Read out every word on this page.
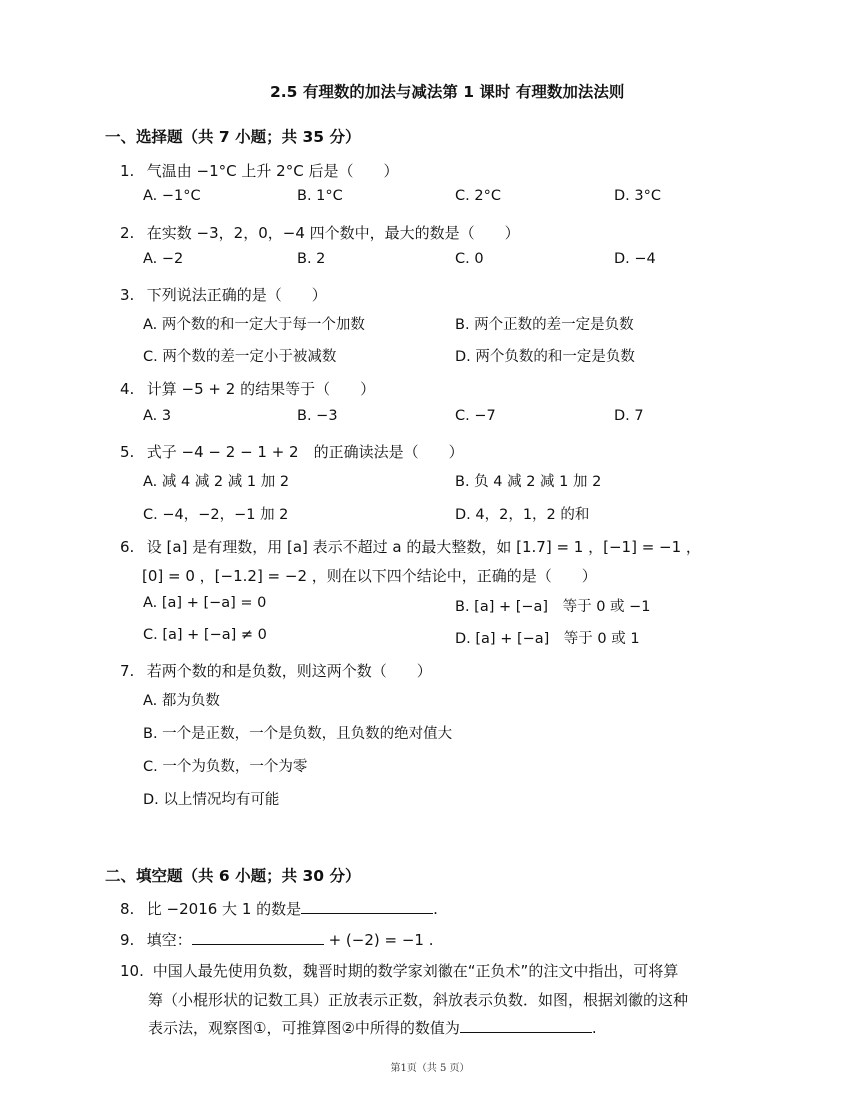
2.5 有理数的加法与减法第 1 课时 有理数加法法则
一、选择题（共 7 小题；共 35 分）
1. 气温由 −1°C 上升 2°C 后是（　　）
A. −1°C	B. 1°C	C. 2°C	D. 3°C
2. 在实数 −3，2，0，−4 四个数中，最大的数是（　　）
A. −2	B. 2	C. 0	D. −4
3. 下列说法正确的是（　　）
A. 两个数的和一定大于每一个加数	B. 两个正数的差一定是负数
C. 两个数的差一定小于被减数	D. 两个负数的和一定是负数
4. 计算 −5 + 2 的结果等于（　　）
A. 3	B. −3	C. −7	D. 7
5. 式子 −4 − 2 − 1 + 2　的正确读法是（　　）
A. 减 4 减 2 减 1 加 2	B. 负 4 减 2 减 1 加 2
C. −4，−2，−1 加 2	D. 4，2，1，2 的和
6. 设 [a] 是有理数，用 [a] 表示不超过 a 的最大整数，如 [1.7] = 1 ，[−1] = −1 ，
[0] = 0 ，[−1.2] = −2 ，则在以下四个结论中，正确的是（　　）
A. [a] + [−a] = 0	B. [a] + [−a]　等于 0 或 −1
C. [a] + [−a] ≠ 0	D. [a] + [−a]　等于 0 或 1
7. 若两个数的和是负数，则这两个数（　　）
A. 都为负数
B. 一个是正数，一个是负数，且负数的绝对值大
C. 一个为负数，一个为零
D. 以上情况均有可能
二、填空题（共 6 小题；共 30 分）
8. 比 −2016 大 1 的数是	.
9. 填空：	+ (−2) = −1 .
10. 中国人最先使用负数，魏晋时期的数学家刘徽在“正负术”的注文中指出，可将算
筹（小棍形状的记数工具）正放表示正数，斜放表示负数．如图，根据刘徽的这种
表示法，观察图①，可推算图②中所得的数值为	.
第1页（共 5 页）
